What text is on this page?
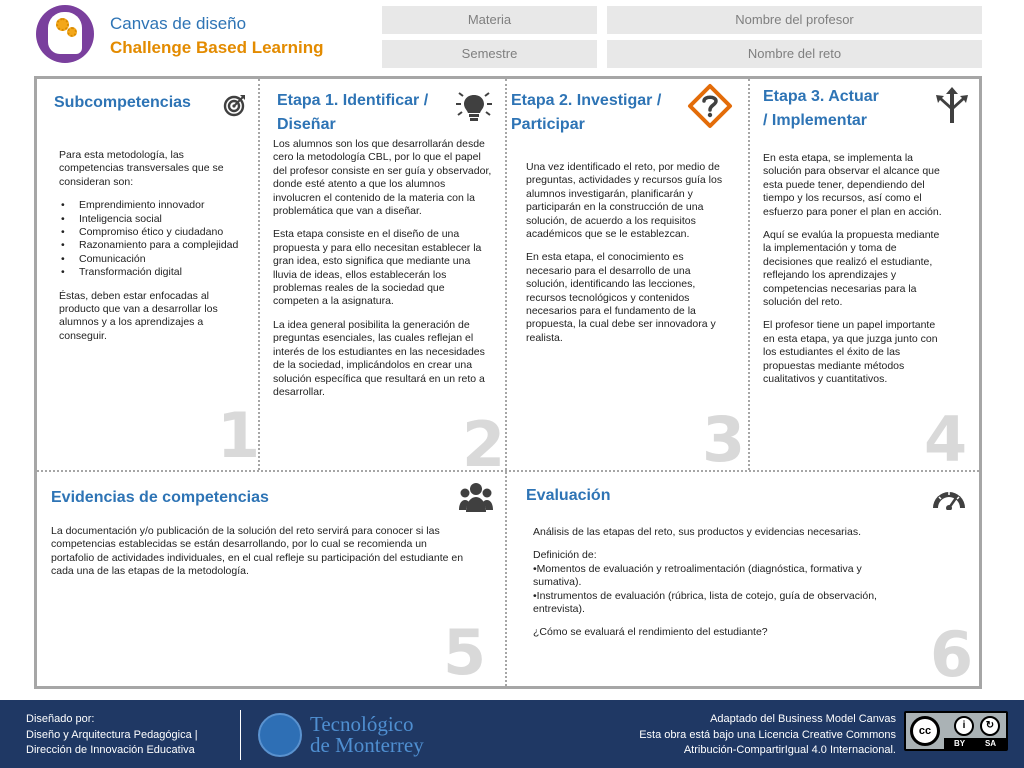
Canvas de diseño
Challenge Based Learning
Materia
Semestre
Nombre del profesor
Nombre del reto
Subcompetencias
Para esta metodología, las competencias transversales que se consideran son:
• Emprendimiento innovador
• Inteligencia social
• Compromiso ético y ciudadano
• Razonamiento para a complejidad
• Comunicación
• Transformación digital
Éstas, deben estar enfocadas al producto que van a desarrollar los alumnos y a los aprendizajes a conseguir.
1
Etapa 1. Identificar /
Diseñar

Los alumnos son los que desarrollarán desde cero la metodología CBL, por lo que el papel del profesor consiste en ser guía y observador, donde esté atento a que los alumnos involucren el contenido de la materia con la problemática que van a diseñar.

Esta etapa consiste en el diseño de una propuesta y para ello necesitan establecer la gran idea, esto significa que mediante una lluvia de ideas, ellos establecerán los problemas reales de la sociedad que competen a la asignatura.

La idea general posibilita la generación de preguntas esenciales, las cuales reflejan el interés de los estudiantes en las necesidades de la sociedad, implicándolos en crear una solución específica que resultará en un reto a desarrollar.

2
Etapa 2. Investigar /
Participar

Una vez identificado el reto, por medio de preguntas, actividades y recursos guía los alumnos investigarán, planificarán y participarán en la construcción de una solución, de acuerdo a los requisitos académicos que se le establezcan.

En esta etapa, el conocimiento es necesario para el desarrollo de una solución, identificando las lecciones, recursos tecnológicos y contenidos necesarios para el fundamento de la propuesta, la cual debe ser innovadora y realista.

3
Etapa 3. Actuar
/ Implementar

En esta etapa, se implementa la solución para observar el alcance que esta puede tener, dependiendo del tiempo y los recursos, así como el esfuerzo para poner el plan en acción.

Aquí se evalúa la propuesta mediante la implementación y toma de decisiones que realizó el estudiante, reflejando los aprendizajes y competencias necesarias para la solución del reto.

El profesor tiene un papel importante en esta etapa, ya que juzga junto con los estudiantes el éxito de las propuestas mediante métodos cualitativos y cuantitativos.

4
Evidencias de competencias
La documentación y/o publicación de la solución del reto servirá para conocer si las competencias establecidas se están desarrollando, por lo cual se recomienda un portafolio de actividades individuales, en el cual refleje su participación del estudiante en cada una de las etapas de la metodología.
5
Evaluación

Análisis de las etapas del reto, sus productos y evidencias necesarias.

Definición de:
•Momentos de evaluación y retroalimentación (diagnóstica, formativa y sumativa).
•Instrumentos de evaluación (rúbrica, lista de cotejo, guía de observación, entrevista).

¿Cómo se evaluará el rendimiento del estudiante?	6
Diseñado por:
Diseño y Arquitectura Pedagógica |
Dirección de Innovación Educativa
Tecnológico
de Monterrey
Adaptado del Business Model Canvas
Esta obra está bajo una Licencia Creative Commons
Atribución-CompartirIgual 4.0 Internacional.
cc	i	↻
BY SA
